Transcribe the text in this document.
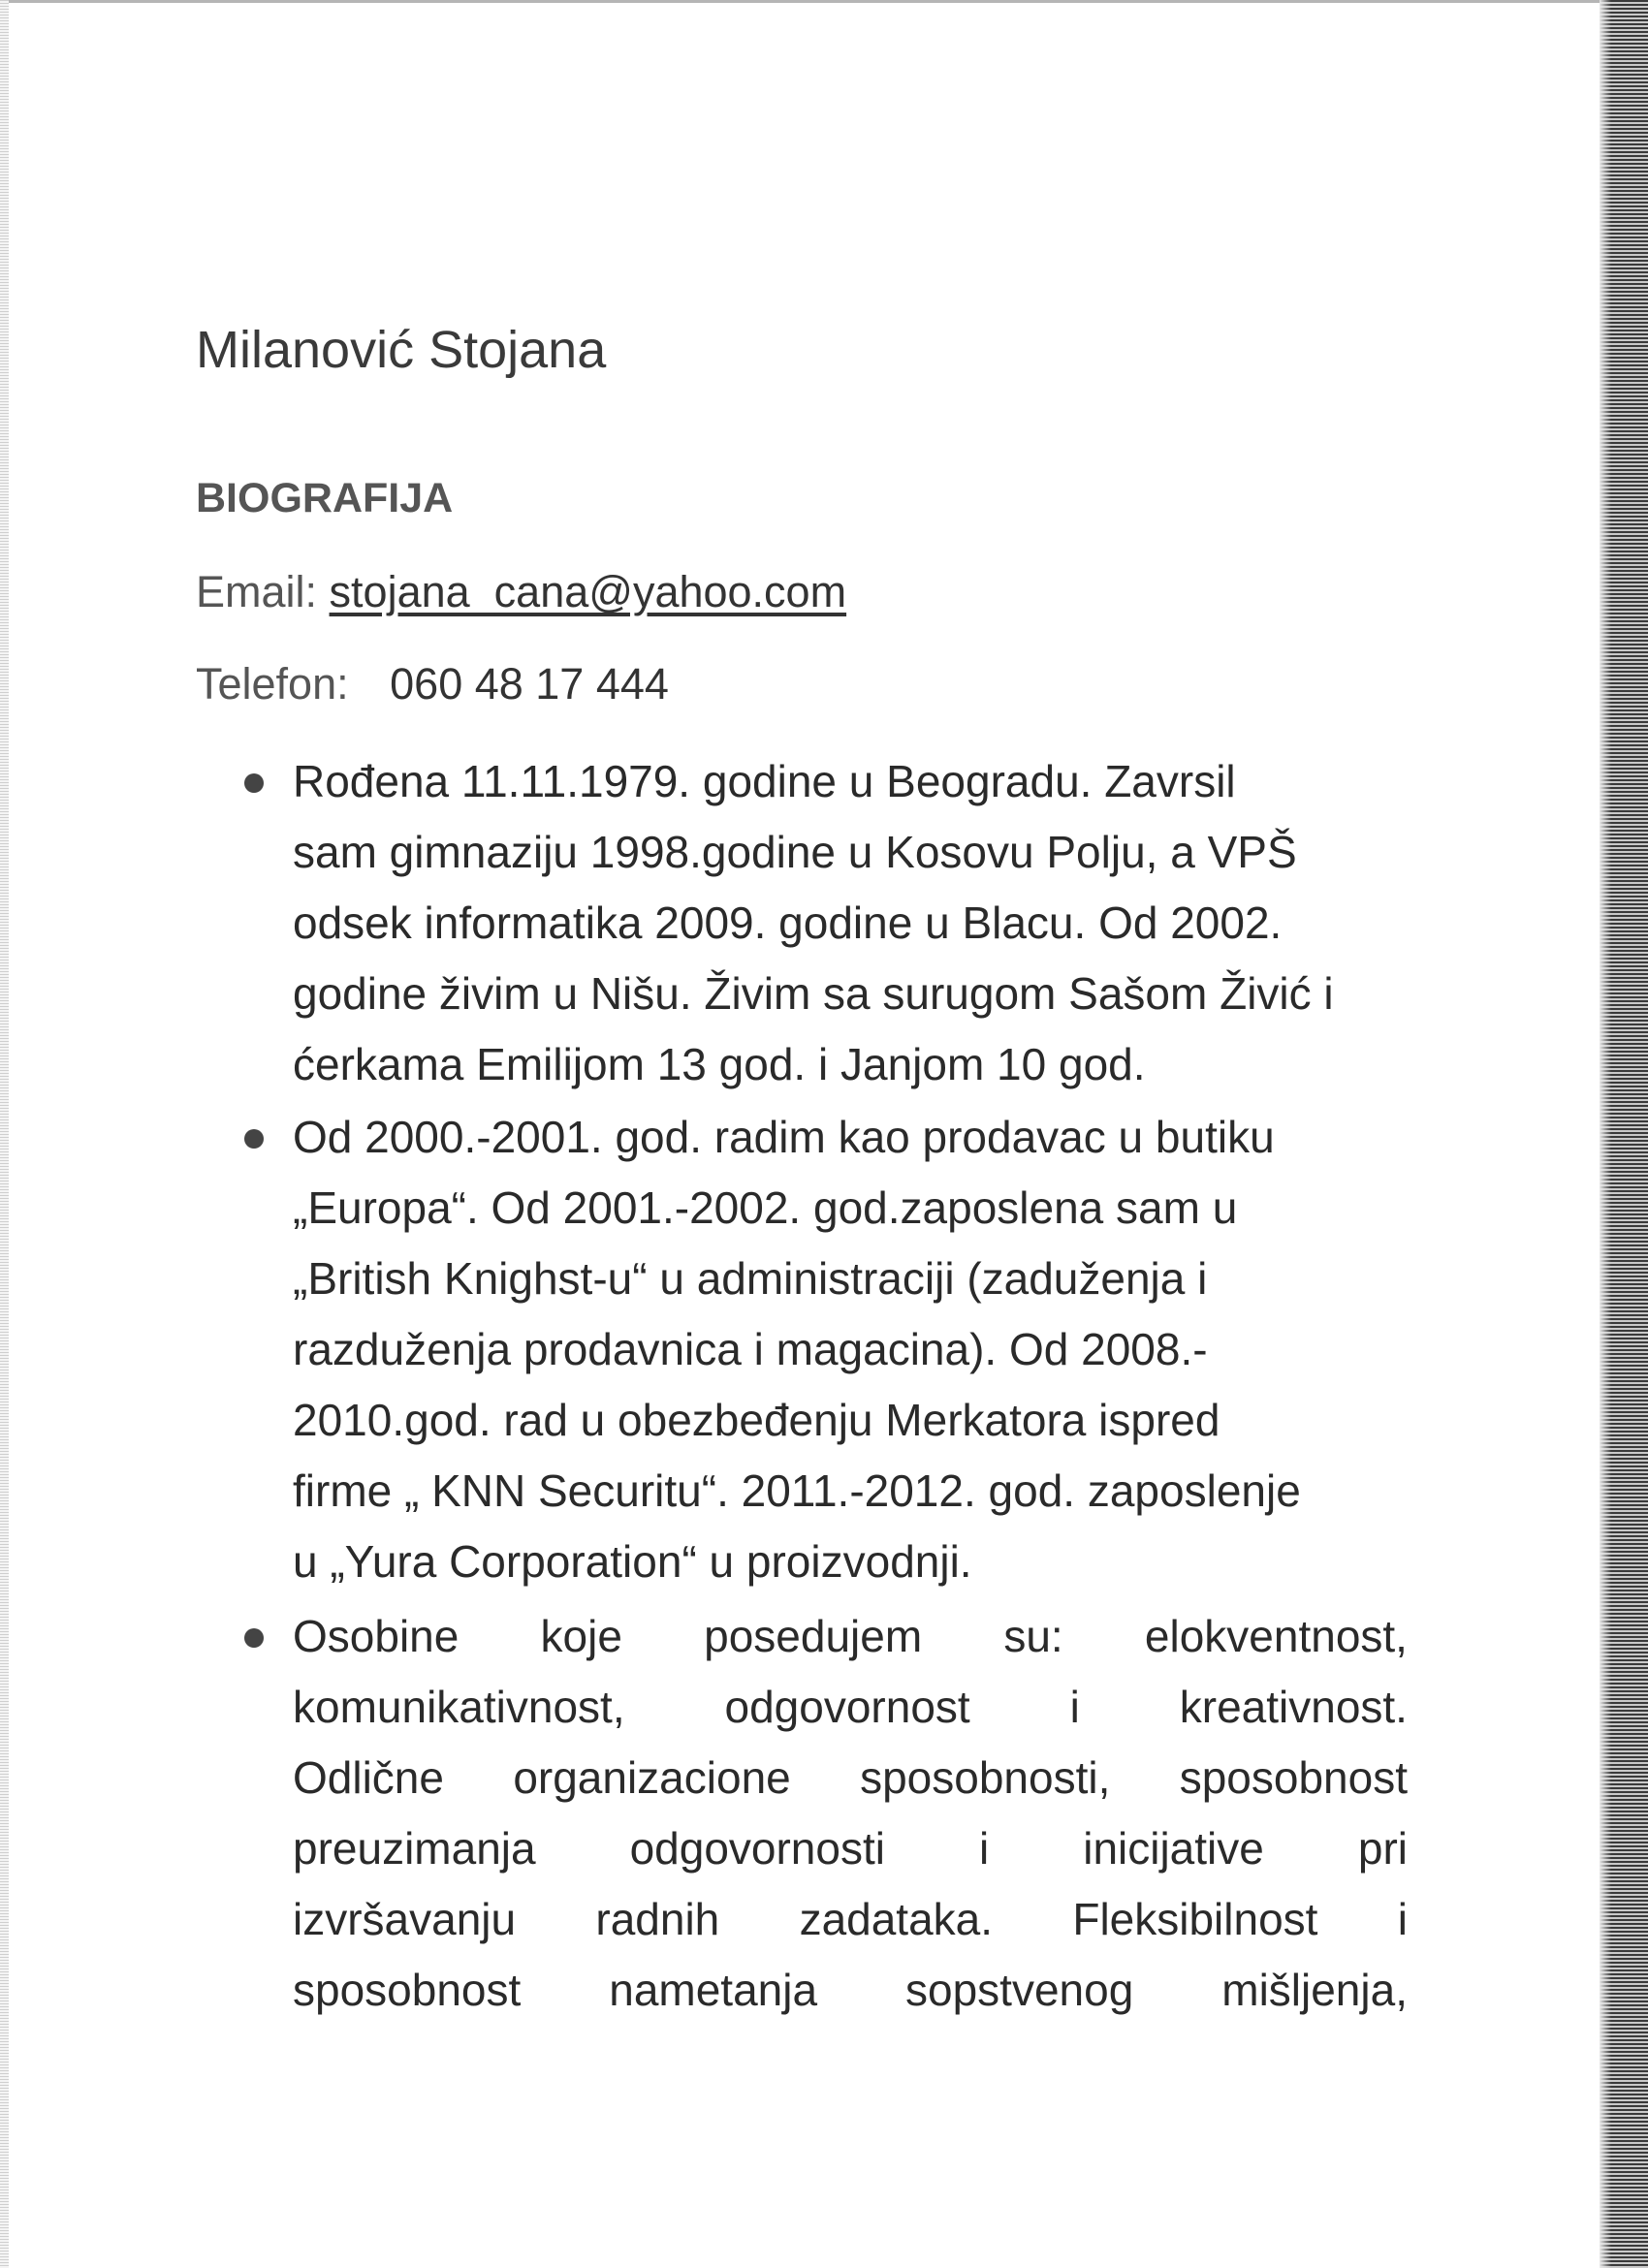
Milanović Stojana
BIOGRAFIJA
Email: stojana_cana@yahoo.com
Telefon: 060 48 17 444
Rođena 11.11.1979. godine u Beogradu. Zavrsil
sam gimnaziju 1998.godine u Kosovu Polju, a VPŠ
odsek informatika 2009. godine u Blacu. Od 2002.
godine živim u Nišu. Živim sa surugom Sašom Živić i
ćerkama Emilijom 13 god. i Janjom 10 god.
Od 2000.-2001. god. radim kao prodavac u butiku
„Europa“. Od 2001.-2002. god.zaposlena sam u
„British Knighst-u“ u administraciji (zaduženja i
razduženja prodavnica i magacina). Od 2008.-
2010.god. rad u obezbeđenju Merkatora ispred
firme „ KNN Securitu“. 2011.-2012. god. zaposlenje
u „Yura Corporation“ u proizvodnji.
Osobine koje posedujem su: elokventnost,
komunikativnost, odgovornost i kreativnost.
Odlične organizacione sposobnosti, sposobnost
preuzimanja odgovornosti i inicijative pri
izvršavanju radnih zadataka. Fleksibilnost i
sposobnost nametanja sopstvenog mišljenja,
